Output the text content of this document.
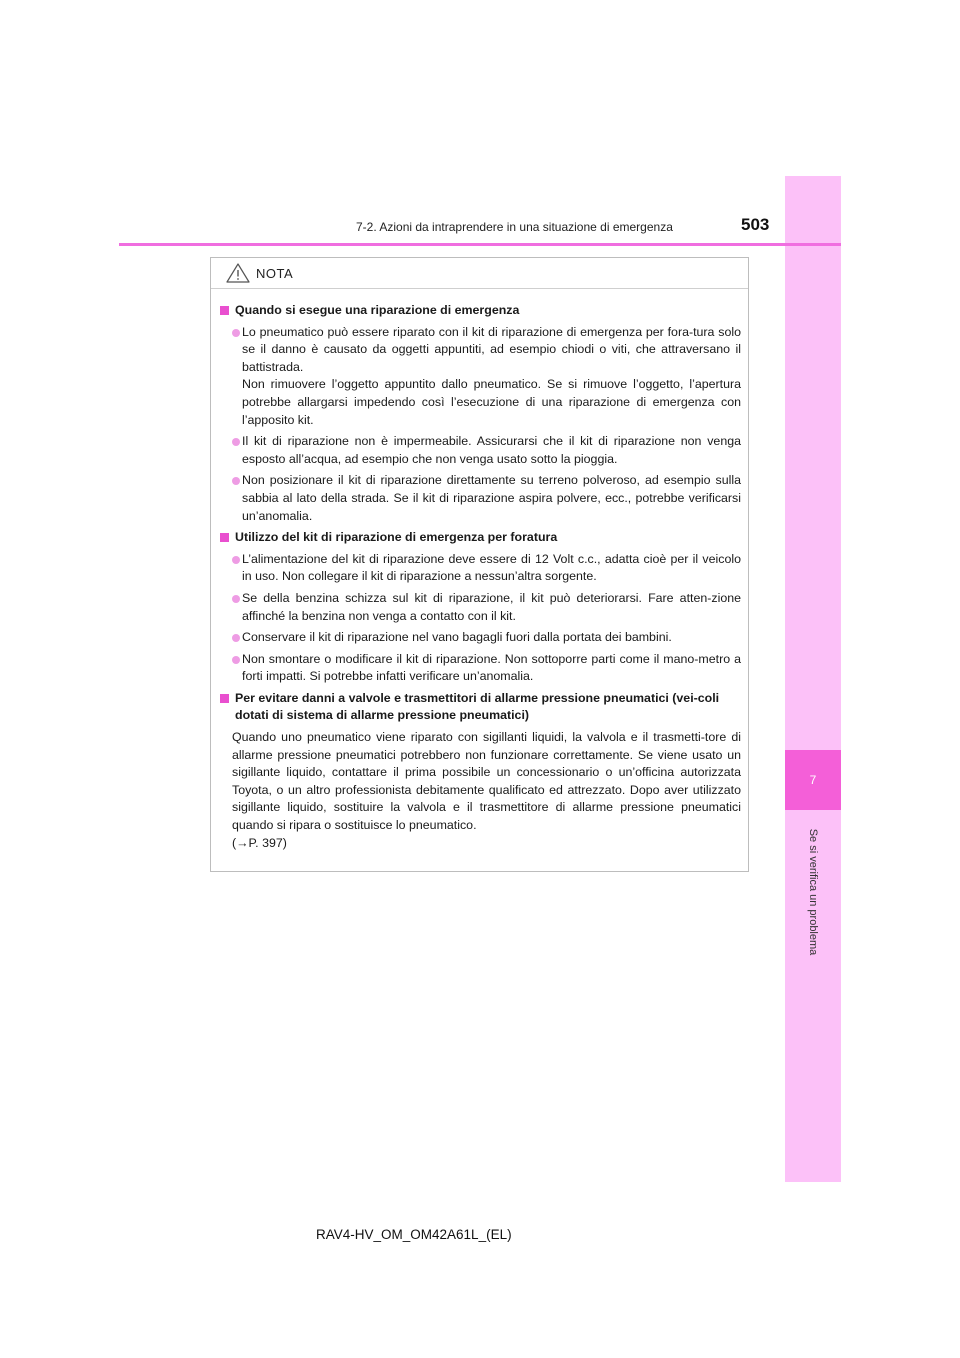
7
Se si verifica un problema
7-2. Azioni da intraprendere in una situazione di emergenza	503
NOTA
Quando si esegue una riparazione di emergenza
Lo pneumatico può essere riparato con il kit di riparazione di emergenza per fora-tura solo se il danno è causato da oggetti appuntiti, ad esempio chiodi o viti, che attraversano il battistrada.
Non rimuovere l’oggetto appuntito dallo pneumatico. Se si rimuove l’oggetto, l’apertura potrebbe allargarsi impedendo così l’esecuzione di una riparazione di emergenza con l’apposito kit.
Il kit di riparazione non è impermeabile. Assicurarsi che il kit di riparazione non venga esposto all’acqua, ad esempio che non venga usato sotto la pioggia.
Non posizionare il kit di riparazione direttamente su terreno polveroso, ad esempio sulla sabbia al lato della strada. Se il kit di riparazione aspira polvere, ecc., potrebbe verificarsi un’anomalia.
Utilizzo del kit di riparazione di emergenza per foratura
L’alimentazione del kit di riparazione deve essere di 12 Volt c.c., adatta cioè per il veicolo in uso. Non collegare il kit di riparazione a nessun’altra sorgente.
Se della benzina schizza sul kit di riparazione, il kit può deteriorarsi. Fare atten-zione affinché la benzina non venga a contatto con il kit.
Conservare il kit di riparazione nel vano bagagli fuori dalla portata dei bambini.
Non smontare o modificare il kit di riparazione. Non sottoporre parti come il mano-metro a forti impatti. Si potrebbe infatti verificare un’anomalia.
Per evitare danni a valvole e trasmettitori di allarme pressione pneumatici (vei-coli dotati di sistema di allarme pressione pneumatici)
Quando uno pneumatico viene riparato con sigillanti liquidi, la valvola e il trasmetti-tore di allarme pressione pneumatici potrebbero non funzionare correttamente. Se viene usato un sigillante liquido, contattare il prima possibile un concessionario o un’officina autorizzata Toyota, o un altro professionista debitamente qualificato ed attrezzato. Dopo aver utilizzato sigillante liquido, sostituire la valvola e il trasmettitore di allarme pressione pneumatici quando si ripara o sostituisce lo pneumatico.
(→P. 397)
RAV4-HV_OM_OM42A61L_(EL)
